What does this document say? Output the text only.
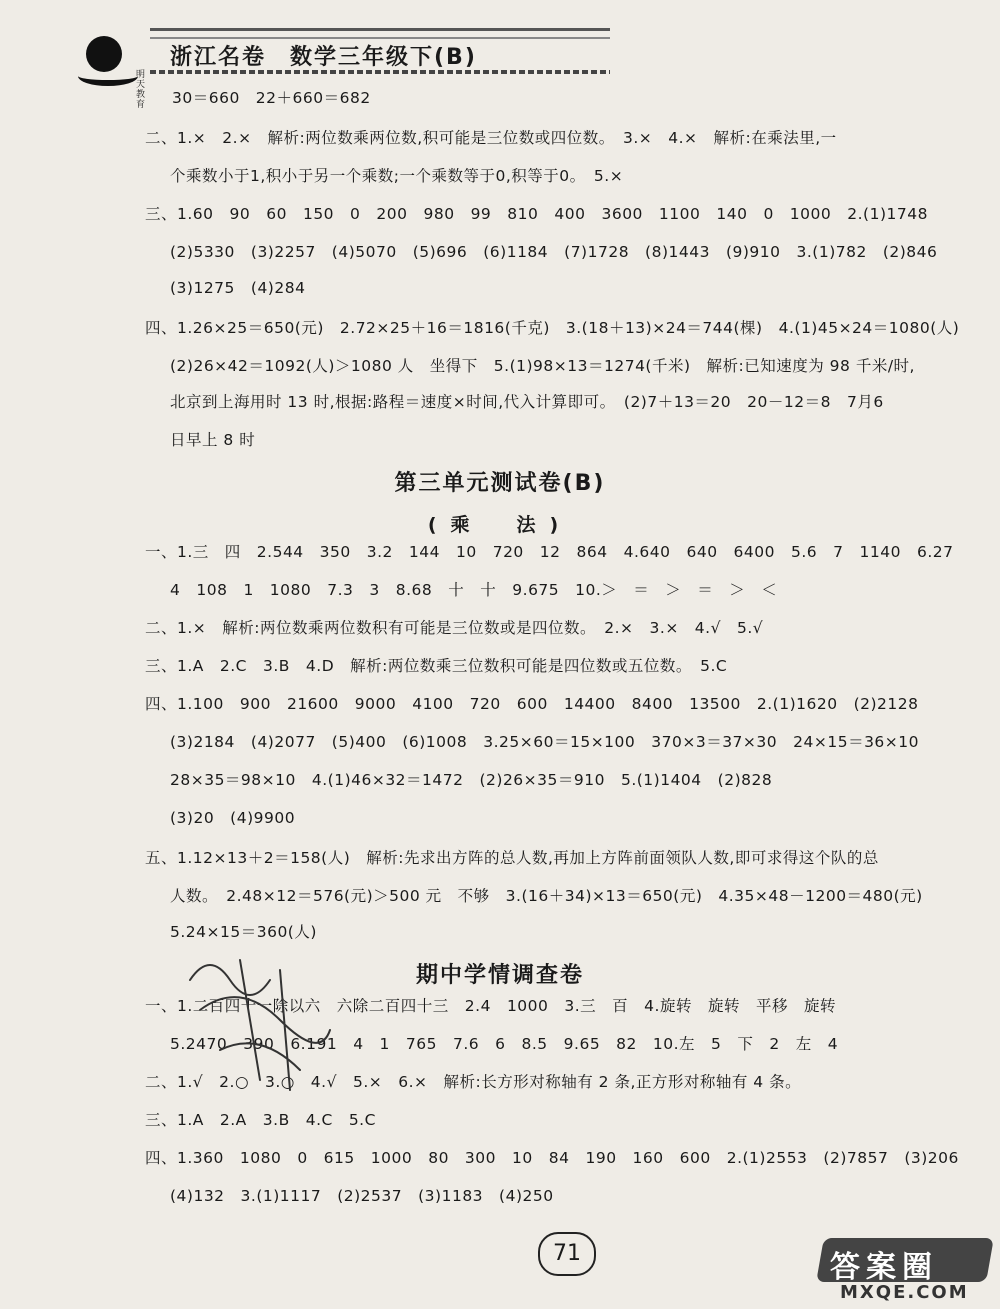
明天教育
浙江名卷　数学三年级下(B)
30＝660　22＋660＝682
二、1.×　2.×　解析:两位数乘两位数,积可能是三位数或四位数。　3.×　4.×　解析:在乘法里,一
个乘数小于1,积小于另一个乘数;一个乘数等于0,积等于0。　5.×
三、1.60　90　60　150　0　200　980　99　810　400　3600　1100　140　0　1000　2.(1)1748
(2)5330　(3)2257　(4)5070　(5)696　(6)1184　(7)1728　(8)1443　(9)910　3.(1)782　(2)846
(3)1275　(4)284
四、1.26×25＝650(元)　2.72×25＋16＝1816(千克)　3.(18＋13)×24＝744(棵)　4.(1)45×24＝1080(人)
(2)26×42＝1092(人)＞1080 人　坐得下　5.(1)98×13＝1274(千米)　解析:已知速度为 98 千米/时,
北京到上海用时 13 时,根据:路程＝速度×时间,代入计算即可。　(2)7＋13＝20　20－12＝8　7月6
日早上 8 时
第三单元测试卷(B)
(乘　法)
一、1.三　四　2.544　350　3.2　144　10　720　12　864　4.640　640　6400　5.6　7　1140　6.27
4　108　1　1080　7.3　3　8.68　十　十　9.675　10.＞　＝　＞　＝　＞　＜
二、1.×　解析:两位数乘两位数积有可能是三位数或是四位数。　2.×　3.×　4.√　5.√
三、1.A　2.C　3.B　4.D　解析:两位数乘三位数积可能是四位数或五位数。　5.C
四、1.100　900　21600　9000　4100　720　600　14400　8400　13500　2.(1)1620　(2)2128
(3)2184　(4)2077　(5)400　(6)1008　3.25×60＝15×100　370×3＝37×30　24×15＝36×10
28×35＝98×10　4.(1)46×32＝1472　(2)26×35＝910　5.(1)1404　(2)828
(3)20　(4)9900
五、1.12×13＋2＝158(人)　解析:先求出方阵的总人数,再加上方阵前面领队人数,即可求得这个队的总
人数。　2.48×12＝576(元)＞500 元　不够　3.(16＋34)×13＝650(元)　4.35×48－1200＝480(元)
5.24×15＝360(人)
期中学情调查卷
一、1.二百四十一除以六　六除二百四十三　2.4　1000　3.三　百　4.旋转　旋转　平移　旋转
5.2470　390　6.191　4　1　765　7.6　6　8.5　9.65　82　10.左　5　下　2　左　4
二、1.√　2.○　3.○　4.√　5.×　6.×　解析:长方形对称轴有 2 条,正方形对称轴有 4 条。
三、1.A　2.A　3.B　4.C　5.C
四、1.360　1080　0　615　1000　80　300　10　84　190　160　600　2.(1)2553　(2)7857　(3)206
(4)132　3.(1)1117　(2)2537　(3)1183　(4)250
71	答案圈
MXQE.COM
